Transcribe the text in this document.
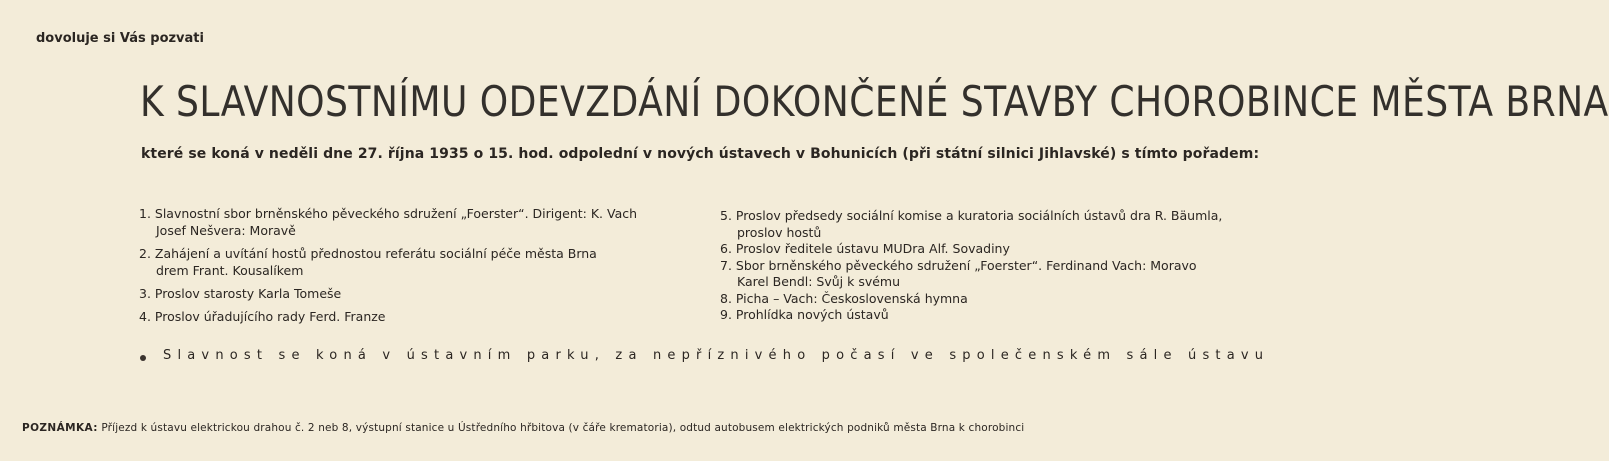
dovoluje si Vás pozvati

K SLAVNOSTNÍMU ODEVZDÁNÍ DOKONČENÉ STAVBY CHOROBINCE MĚSTA BRNA

které se koná v neděli dne 27. října 1935 o 15. hod. odpolední v nových ústavech v Bohunicích (při státní silnici Jihlavské) s tímto pořadem:

1. Slavnostní sbor brněnského pěveckého sdružení „Foerster“. Dirigent: K. Vach
Josef Nešvera: Moravě
2. Zahájení a uvítání hostů přednostou referátu sociální péče města Brna
drem Frant. Kousalíkem
3. Proslov starosty Karla Tomeše
4. Proslov úřadujícího rady Ferd. Franze
5. Proslov předsedy sociální komise a kuratoria sociálních ústavů dra R. Bäumla,
proslov hostů
6. Proslov ředitele ústavu MUDra Alf. Sovadiny
7. Sbor brněnského pěveckého sdružení „Foerster“. Ferdinand Vach: Moravo
Karel Bendl: Svůj k svému
8. Picha – Vach: Československá hymna
9. Prohlídka nových ústavů

Slavnost se koná v ústavním parku, za nepříznivého počasí ve společenském sále ústavu

POZNÁMKA: Příjezd k ústavu elektrickou drahou č. 2 neb 8, výstupní stanice u Ústředního hřbitova (v čáře krematoria), odtud autobusem elektrických podniků města Brna k chorobinci
